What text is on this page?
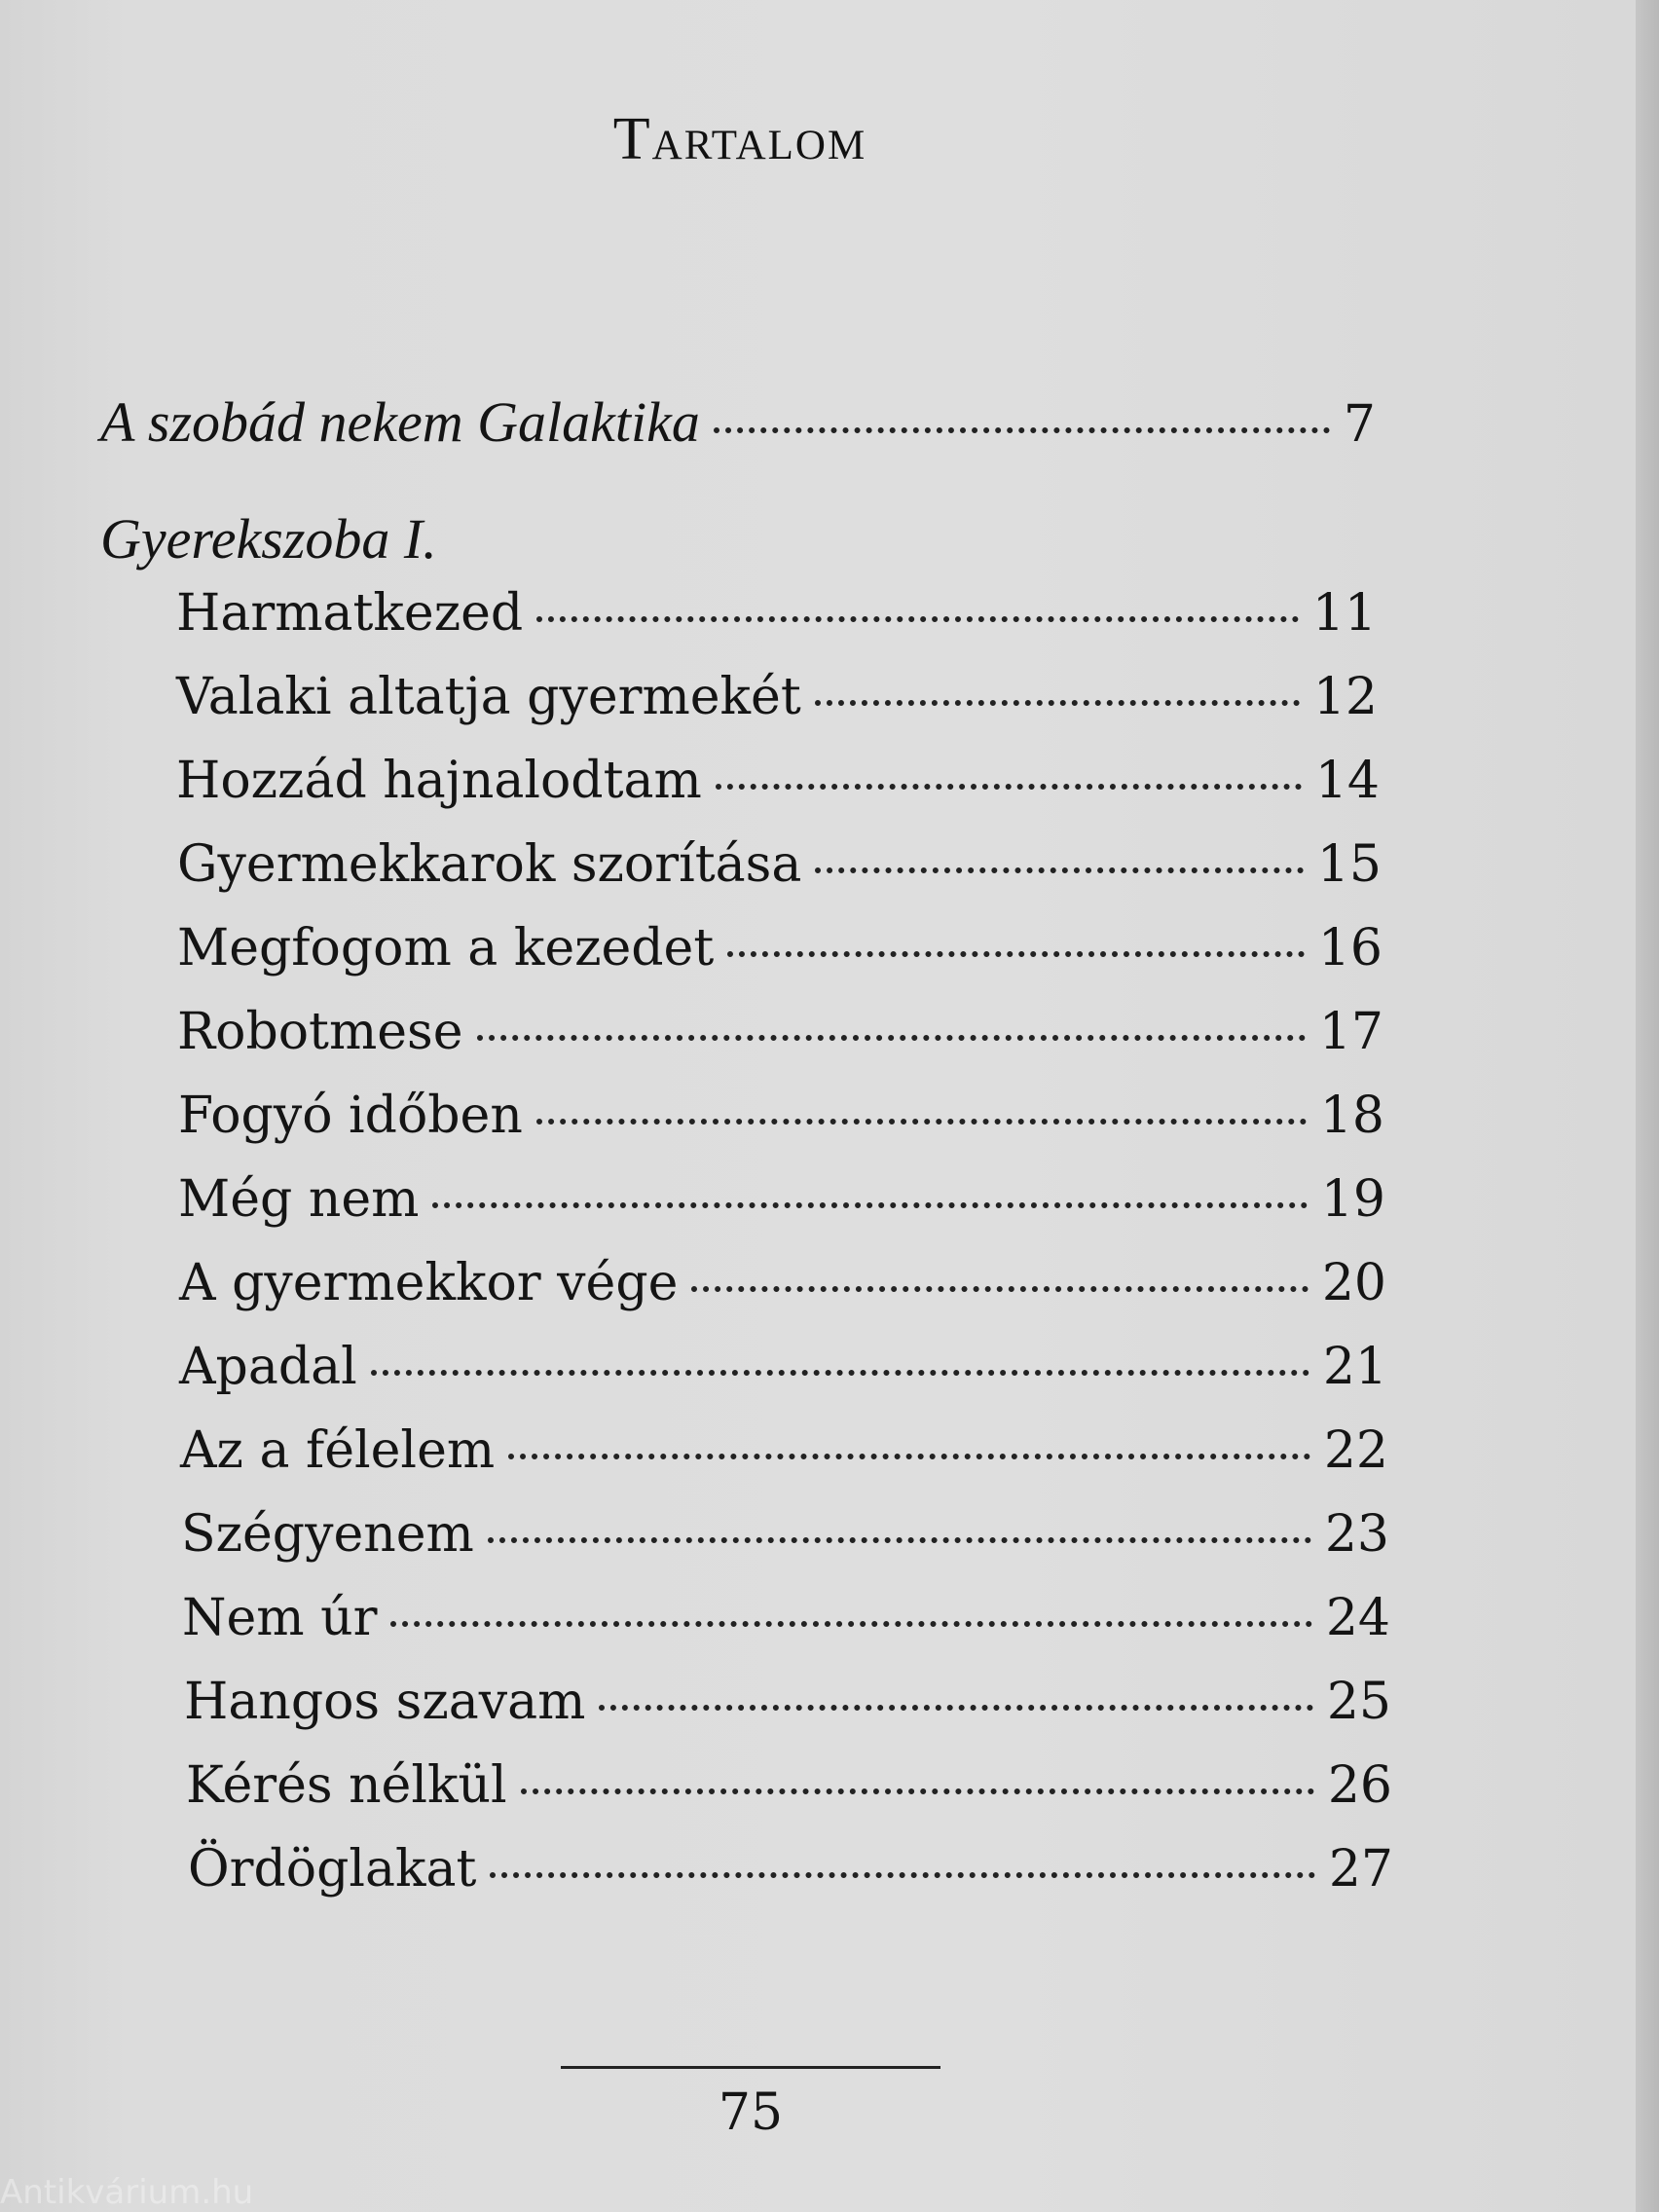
Tartalom
A szobád nekem Galaktika	7
Gyerekszoba I.
Harmatkezed	11
Valaki altatja gyermekét	12
Hozzád hajnalodtam	14
Gyermekkarok szorítása	15
Megfogom a kezedet	16
Robotmese	17
Fogyó időben	18
Még nem	19
A gyermekkor vége	20
Apadal	21
Az a félelem	22
Szégyenem	23
Nem úr	24
Hangos szavam	25
Kérés nélkül	26
Ördöglakat	27
75
Antikvárium.hu
